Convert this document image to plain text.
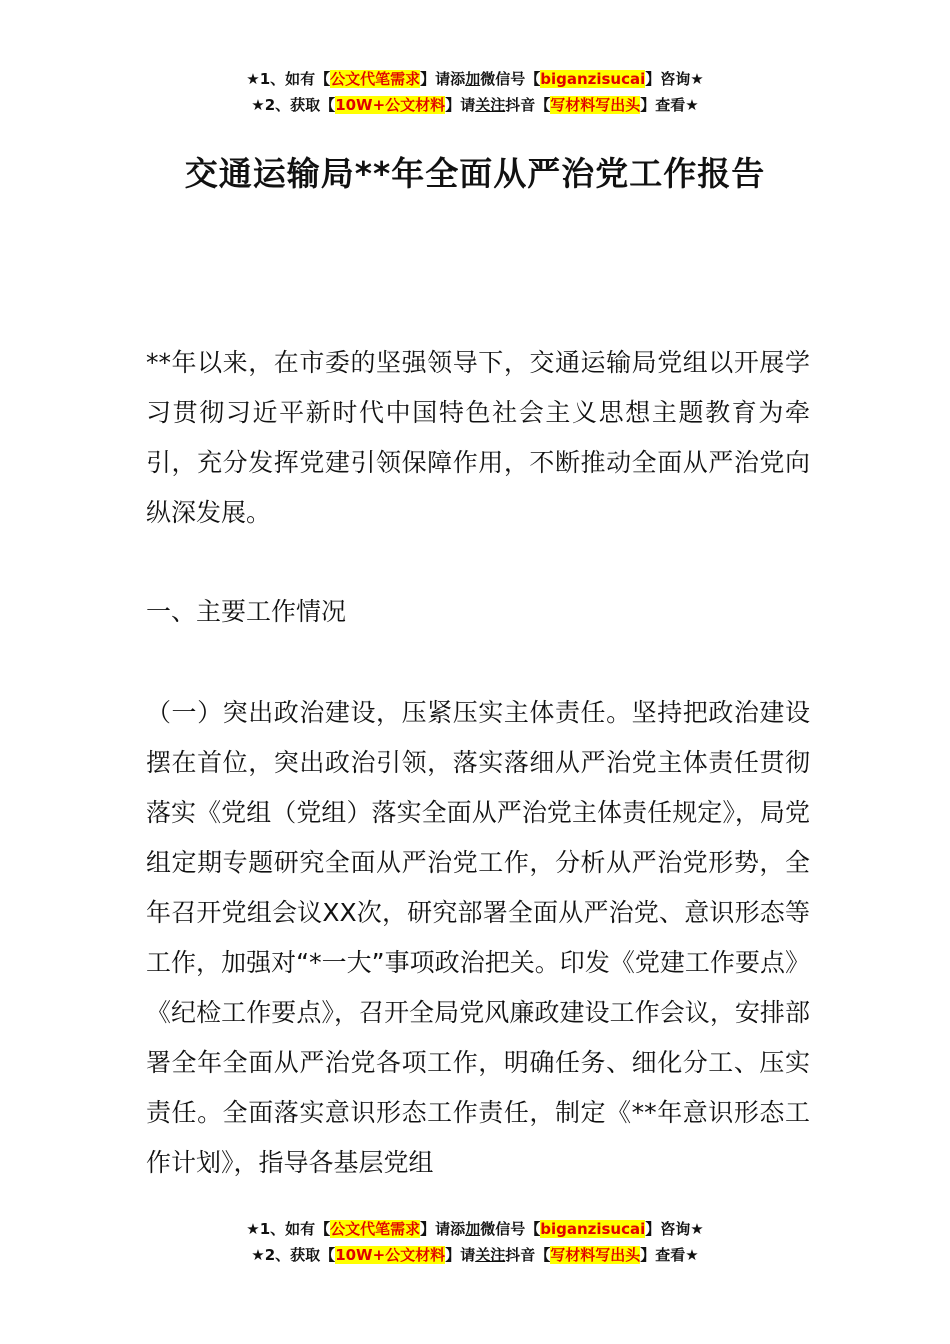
★1、如有【公文代笔需求】请添加微信号【biganzisucai】咨询★
★2、获取【10W+公文材料】请关注抖音【写材料写出头】查看★
交通运输局**年全面从严治党工作报告

**年以来，在市委的坚强领导下，交通运输局党组以开展学习贯彻习近平新时代中国特色社会主义思想主题教育为牵引，充分发挥党建引领保障作用，不断推动全面从严治党向纵深发展。

一、主要工作情况

（一）突出政治建设，压紧压实主体责任。坚持把政治建设摆在首位，突出政治引领，落实落细从严治党主体责任贯彻落实《党组（党组）落实全面从严治党主体责任规定》，局党组定期专题研究全面从严治党工作，分析从严治党形势，全年召开党组会议XX次，研究部署全面从严治党、意识形态等工作，加强对“*一大”事项政治把关。印发《党建工作要点》《纪检工作要点》，召开全局党风廉政建设工作会议，安排部署全年全面从严治党各项工作，明确任务、细化分工、压实责任。全面落实意识形态工作责任，制定《**年意识形态工作计划》，指导各基层党组

★1、如有【公文代笔需求】请添加微信号【biganzisucai】咨询★
★2、获取【10W+公文材料】请关注抖音【写材料写出头】查看★
